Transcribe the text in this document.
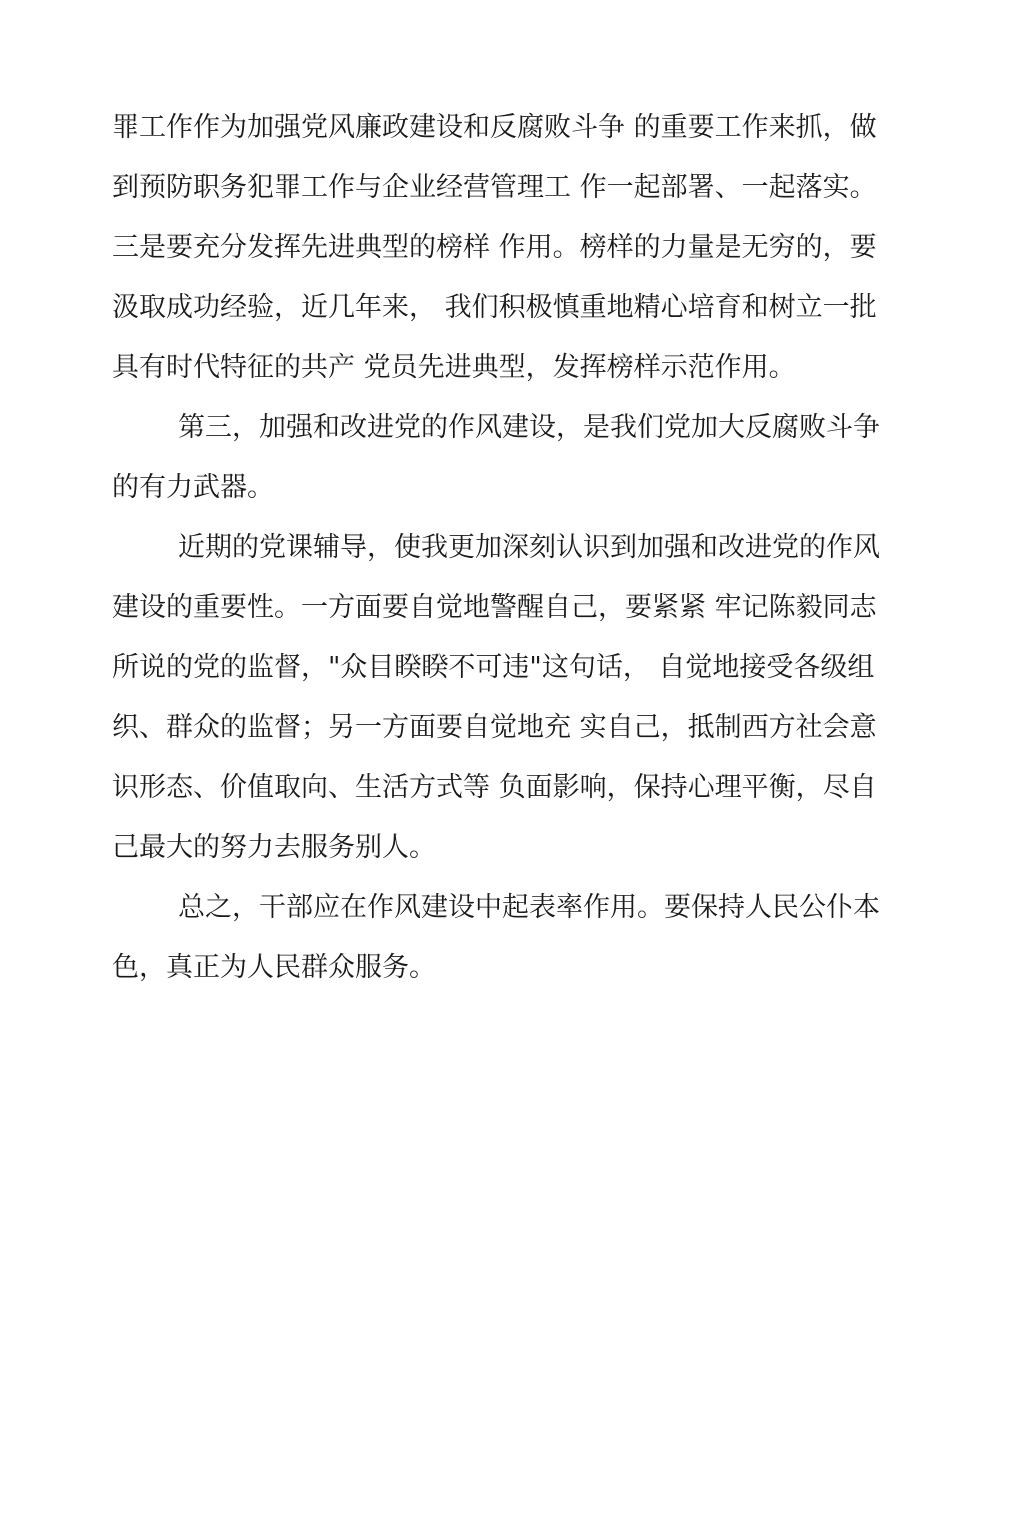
罪工作作为加强党风廉政建设和反腐败斗争 的重要工作来抓，做
到预防职务犯罪工作与企业经营管理工 作一起部署、一起落实。
三是要充分发挥先进典型的榜样 作用。榜样的力量是无穷的，要
汲取成功经验，近几年来， 我们积极慎重地精心培育和树立一批
具有时代特征的共产 党员先进典型，发挥榜样示范作用。
第三，加强和改进党的作风建设，是我们党加大反腐败斗争
的有力武器。
近期的党课辅导，使我更加深刻认识到加强和改进党的作风
建设的重要性。一方面要自觉地警醒自己，要紧紧 牢记陈毅同志
所说的党的监督，"众目睽睽不可违"这句话， 自觉地接受各级组
织、群众的监督；另一方面要自觉地充 实自己，抵制西方社会意
识形态、价值取向、生活方式等 负面影响，保持心理平衡，尽自
己最大的努力去服务别人。
总之，干部应在作风建设中起表率作用。要保持人民公仆本
色，真正为人民群众服务。
